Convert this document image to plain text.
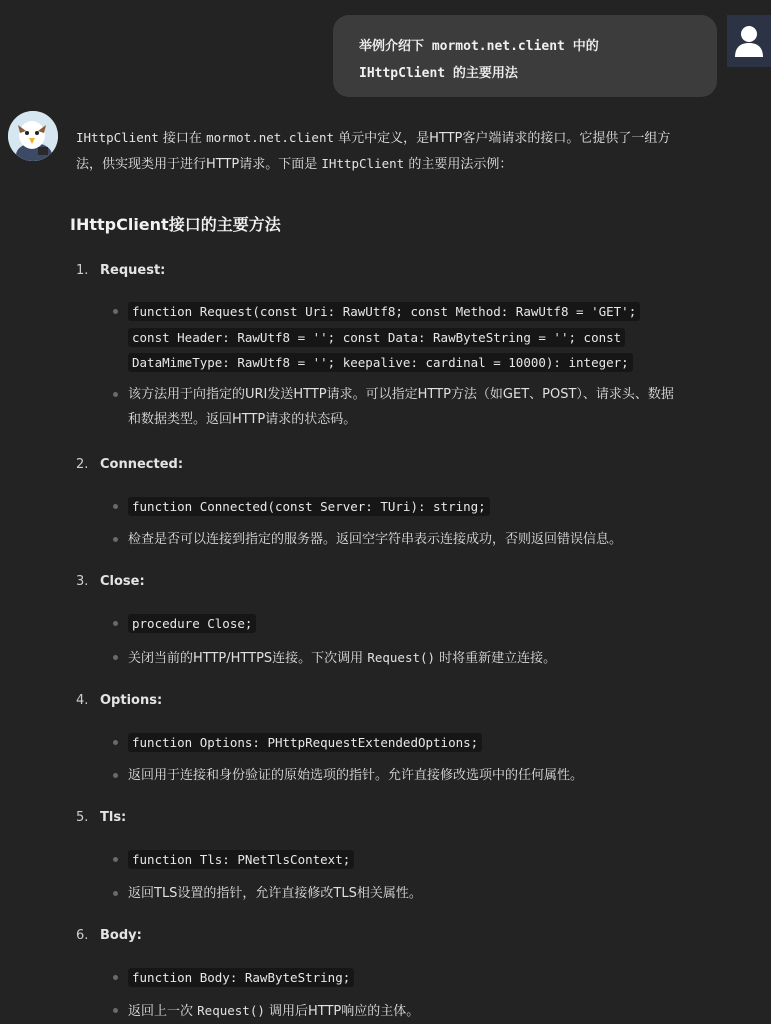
举例介绍下 mormot.net.client 中的
IHttpClient 的主要用法

IHttpClient 接口在 mormot.net.client 单元中定义，是HTTP客户端请求的接口。它提供了一组方
法，供实现类用于进行HTTP请求。下面是 IHttpClient 的主要用法示例：

IHttpClient接口的主要方法
1. Request:
function Request(const Uri: RawUtf8; const Method: RawUtf8 = 'GET';
const Header: RawUtf8 = ''; const Data: RawByteString = ''; const
DataMimeType: RawUtf8 = ''; keepalive: cardinal = 10000): integer;
该方法用于向指定的URI发送HTTP请求。可以指定HTTP方法（如GET、POST）、请求头、数据
和数据类型。返回HTTP请求的状态码。
2. Connected:
function Connected(const Server: TUri): string;
检查是否可以连接到指定的服务器。返回空字符串表示连接成功，否则返回错误信息。
3. Close:
procedure Close;
关闭当前的HTTP/HTTPS连接。下次调用 Request() 时将重新建立连接。
4. Options:
function Options: PHttpRequestExtendedOptions;
返回用于连接和身份验证的原始选项的指针。允许直接修改选项中的任何属性。
5. Tls:
function Tls: PNetTlsContext;
返回TLS设置的指针，允许直接修改TLS相关属性。
6. Body:
function Body: RawByteString;
返回上一次 Request() 调用后HTTP响应的主体。
